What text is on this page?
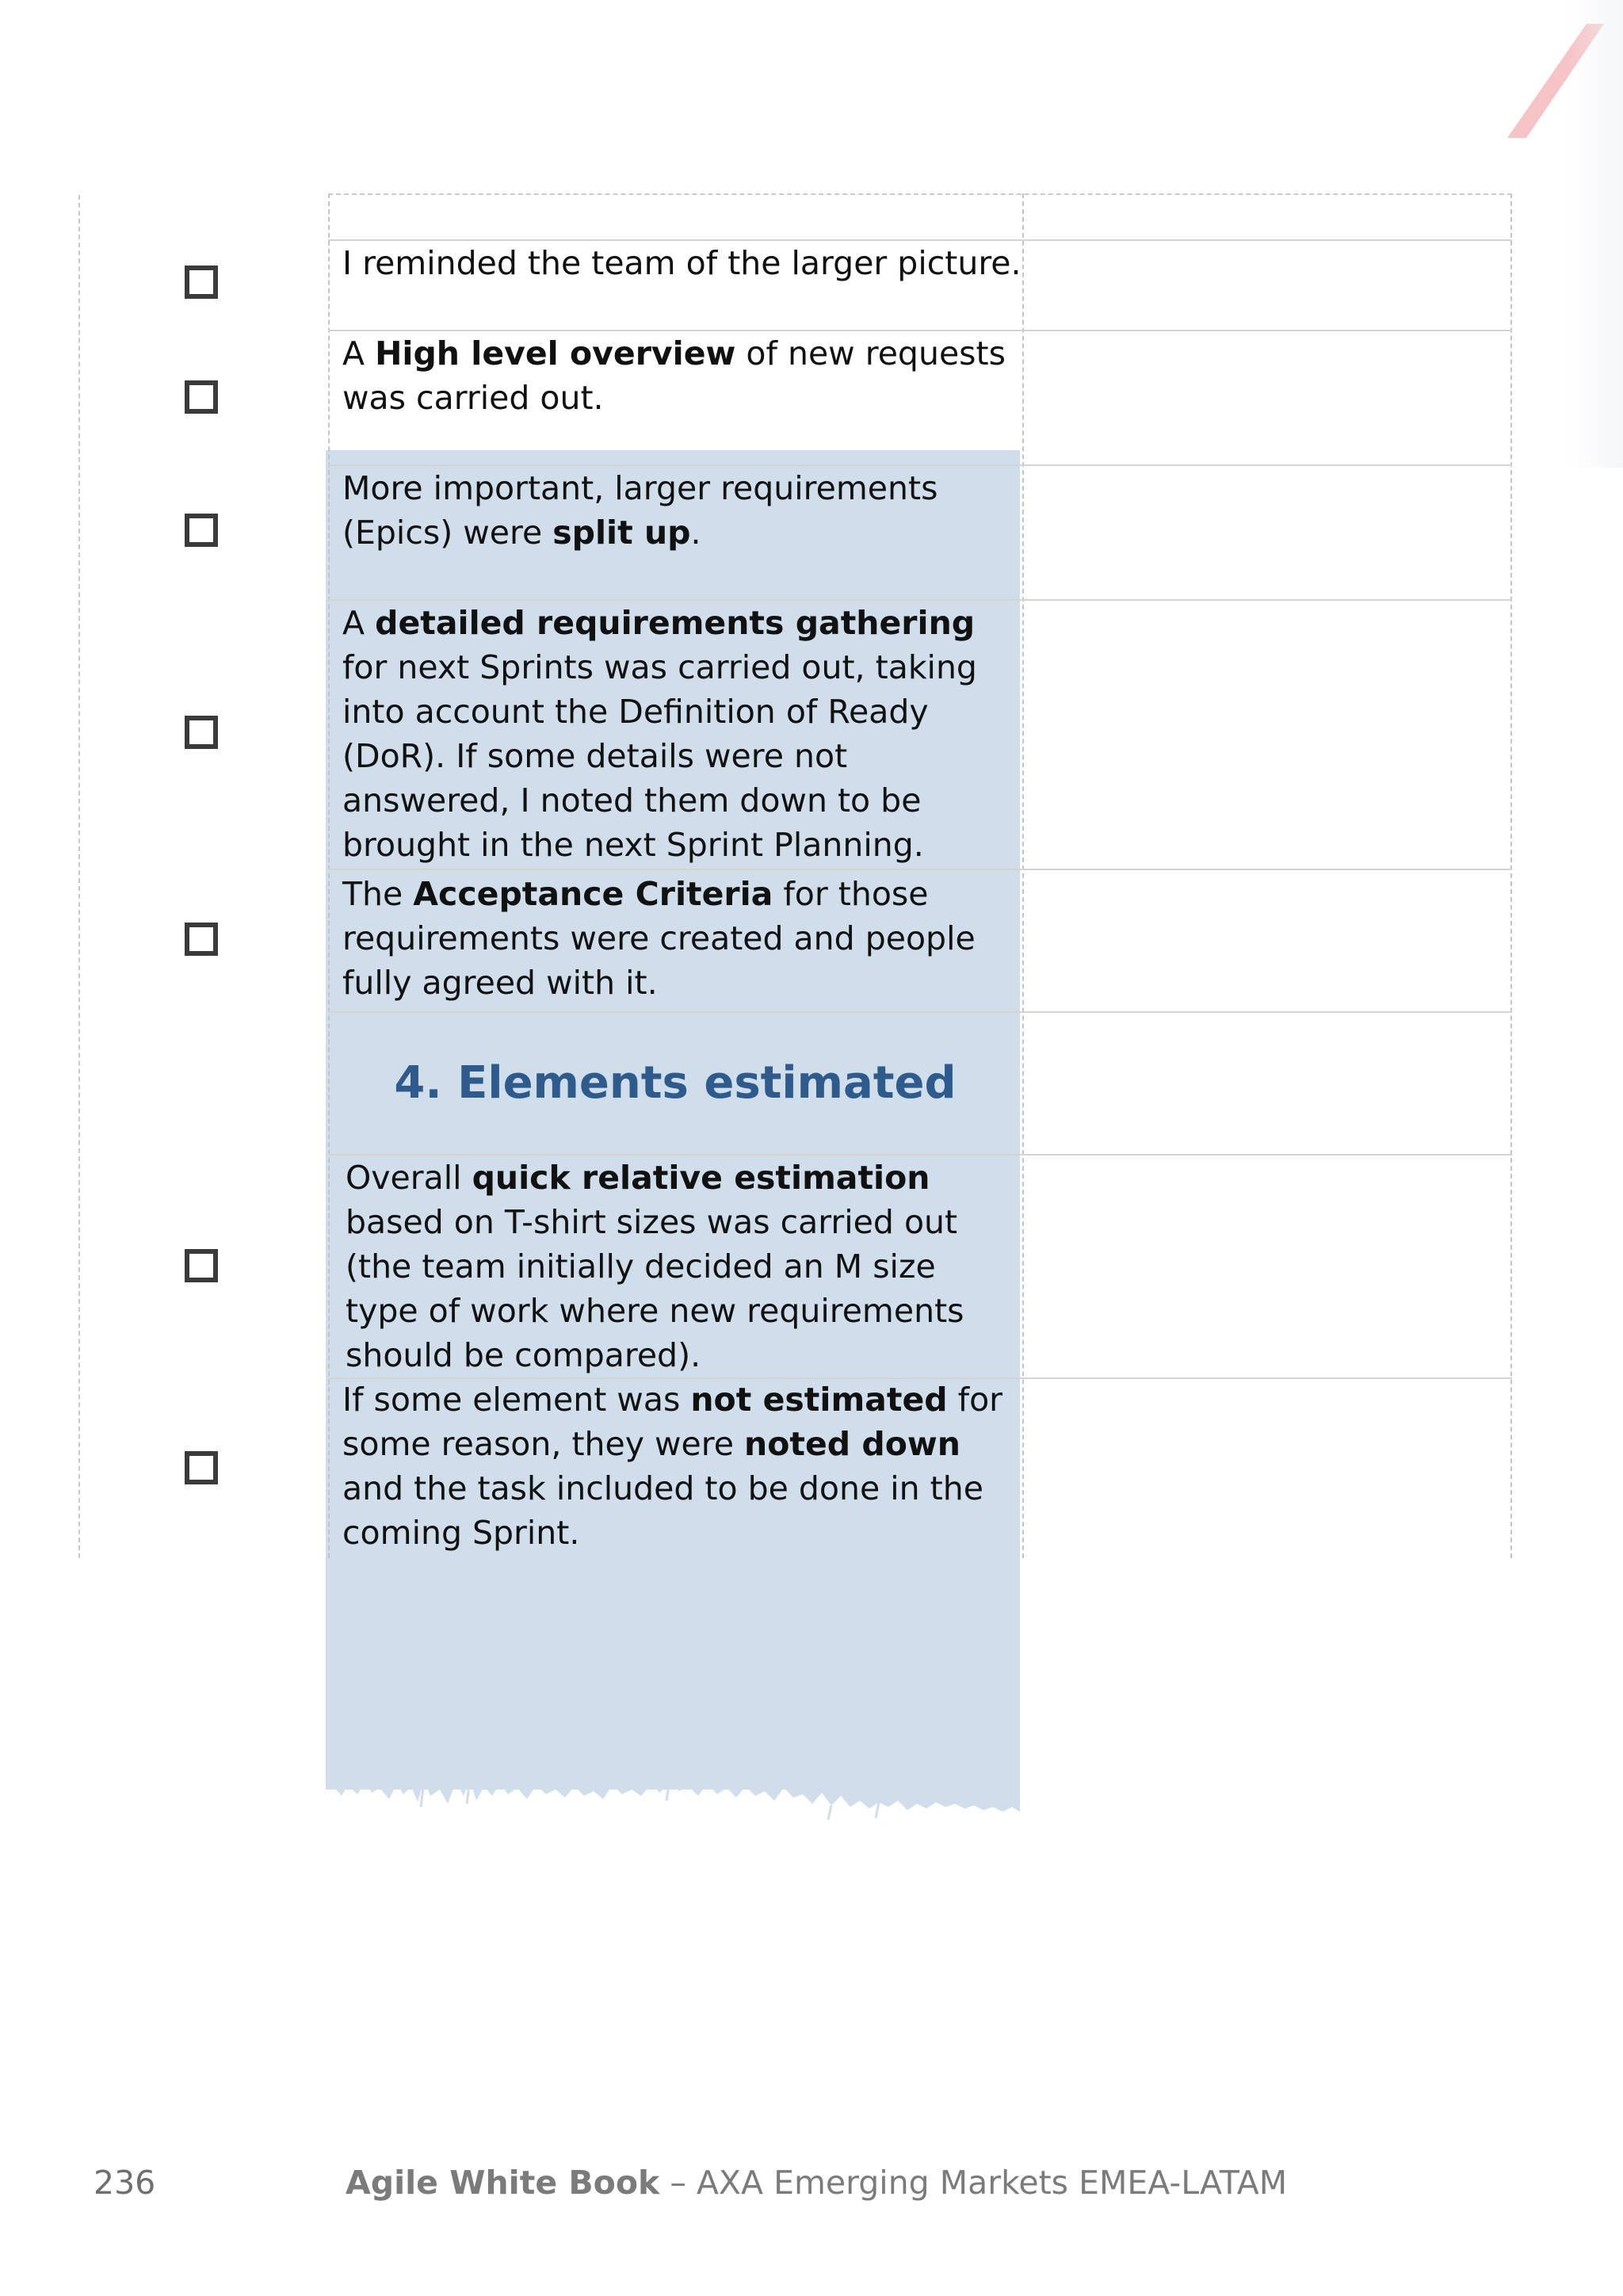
I reminded the team of the larger picture.
A High level overview of new requests was carried out.
More important, larger requirements (Epics) were split up.
A detailed requirements gathering for next Sprints was carried out, taking into account the Definition of Ready (DoR). If some details were not answered, I noted them down to be brought in the next Sprint Planning.
The Acceptance Criteria for those requirements were created and people fully agreed with it.
4. Elements estimated
Overall quick relative estimation based on T-shirt sizes was carried out (the team initially decided an M size type of work where new requirements should be compared).
If some element was not estimated for some reason, they were noted down and the task included to be done in the coming Sprint.
236	Agile White Book – AXA Emerging Markets EMEA-LATAM
